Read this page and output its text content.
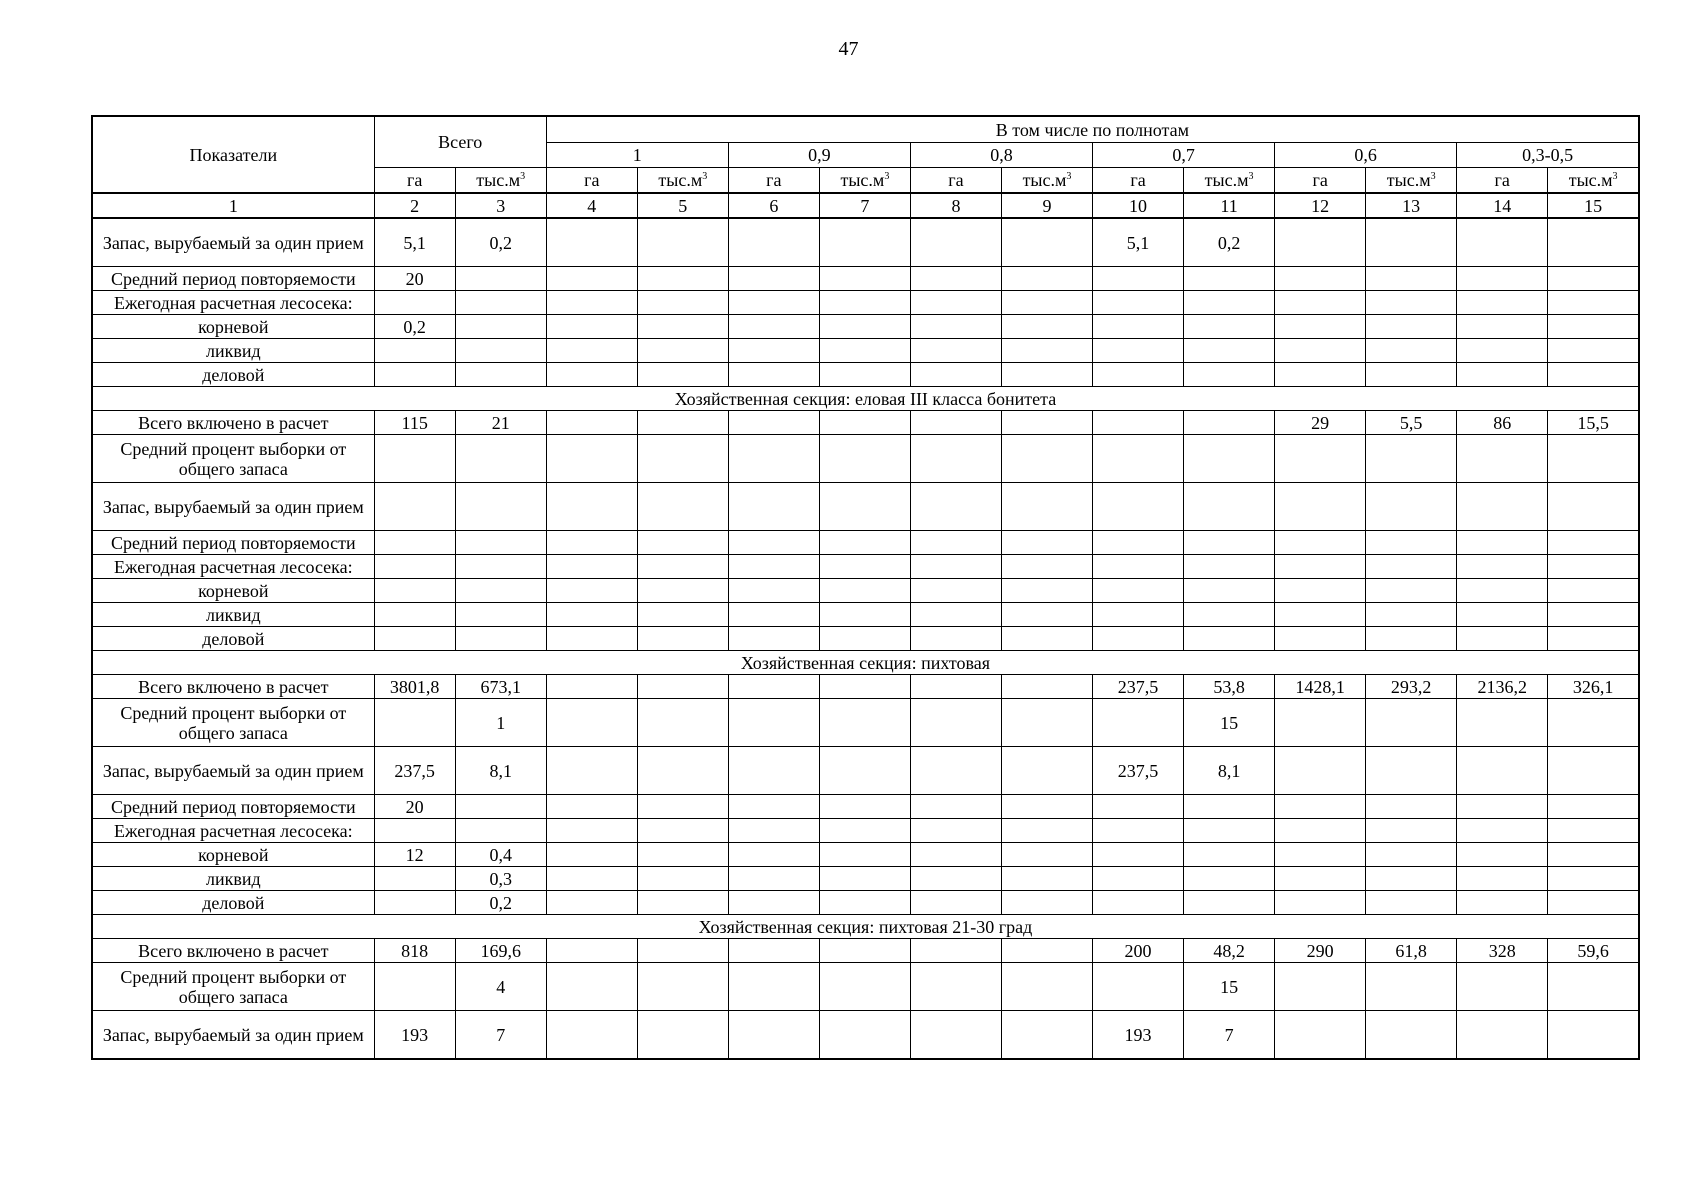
47
Показатели	Всего		В том числе по полнотам											
			1		0,9		0,8		0,7		0,6		0,3-0,5	
	га	$тыс.м^3$	га	$тыс.м^3$	га	$тыс.м^3$	га	$тыс.м^3$	га	$тыс.м^3$	га	$тыс.м^3$	га	$тыс.м^3$
1	2	3	4	5	6	7	8	9	10	11	12	13	14	15
Запас, вырубаемый за один прием	5,1	0,2							5,1	0,2				
Средний период повторяемости	20													
Ежегодная расчетная лесосека:														
корневой	0,2													
ликвид														
деловой														
Хозяйственная секция: еловая III класса бонитета														
Всего включено в расчет	115	21									29	5,5	86	15,5
Средний процент выборки от общего запаса														
Запас, вырубаемый за один прием														
Средний период повторяемости														
Ежегодная расчетная лесосека:														
корневой														
ликвид														
деловой														
Хозяйственная секция: пихтовая														
Всего включено в расчет	3801,8	673,1							237,5	53,8	1428,1	293,2	2136,2	326,1
Средний процент выборки от общего запаса		1								15				
Запас, вырубаемый за один прием	237,5	8,1							237,5	8,1				
Средний период повторяемости	20													
Ежегодная расчетная лесосека:														
корневой	12	0,4												
ликвид		0,3												
деловой		0,2												
Хозяйственная секция: пихтовая 21-30 град														
Всего включено в расчет	818	169,6							200	48,2	290	61,8	328	59,6
Средний процент выборки от общего запаса		4								15				
Запас, вырубаемый за один прием	193	7							193	7				
